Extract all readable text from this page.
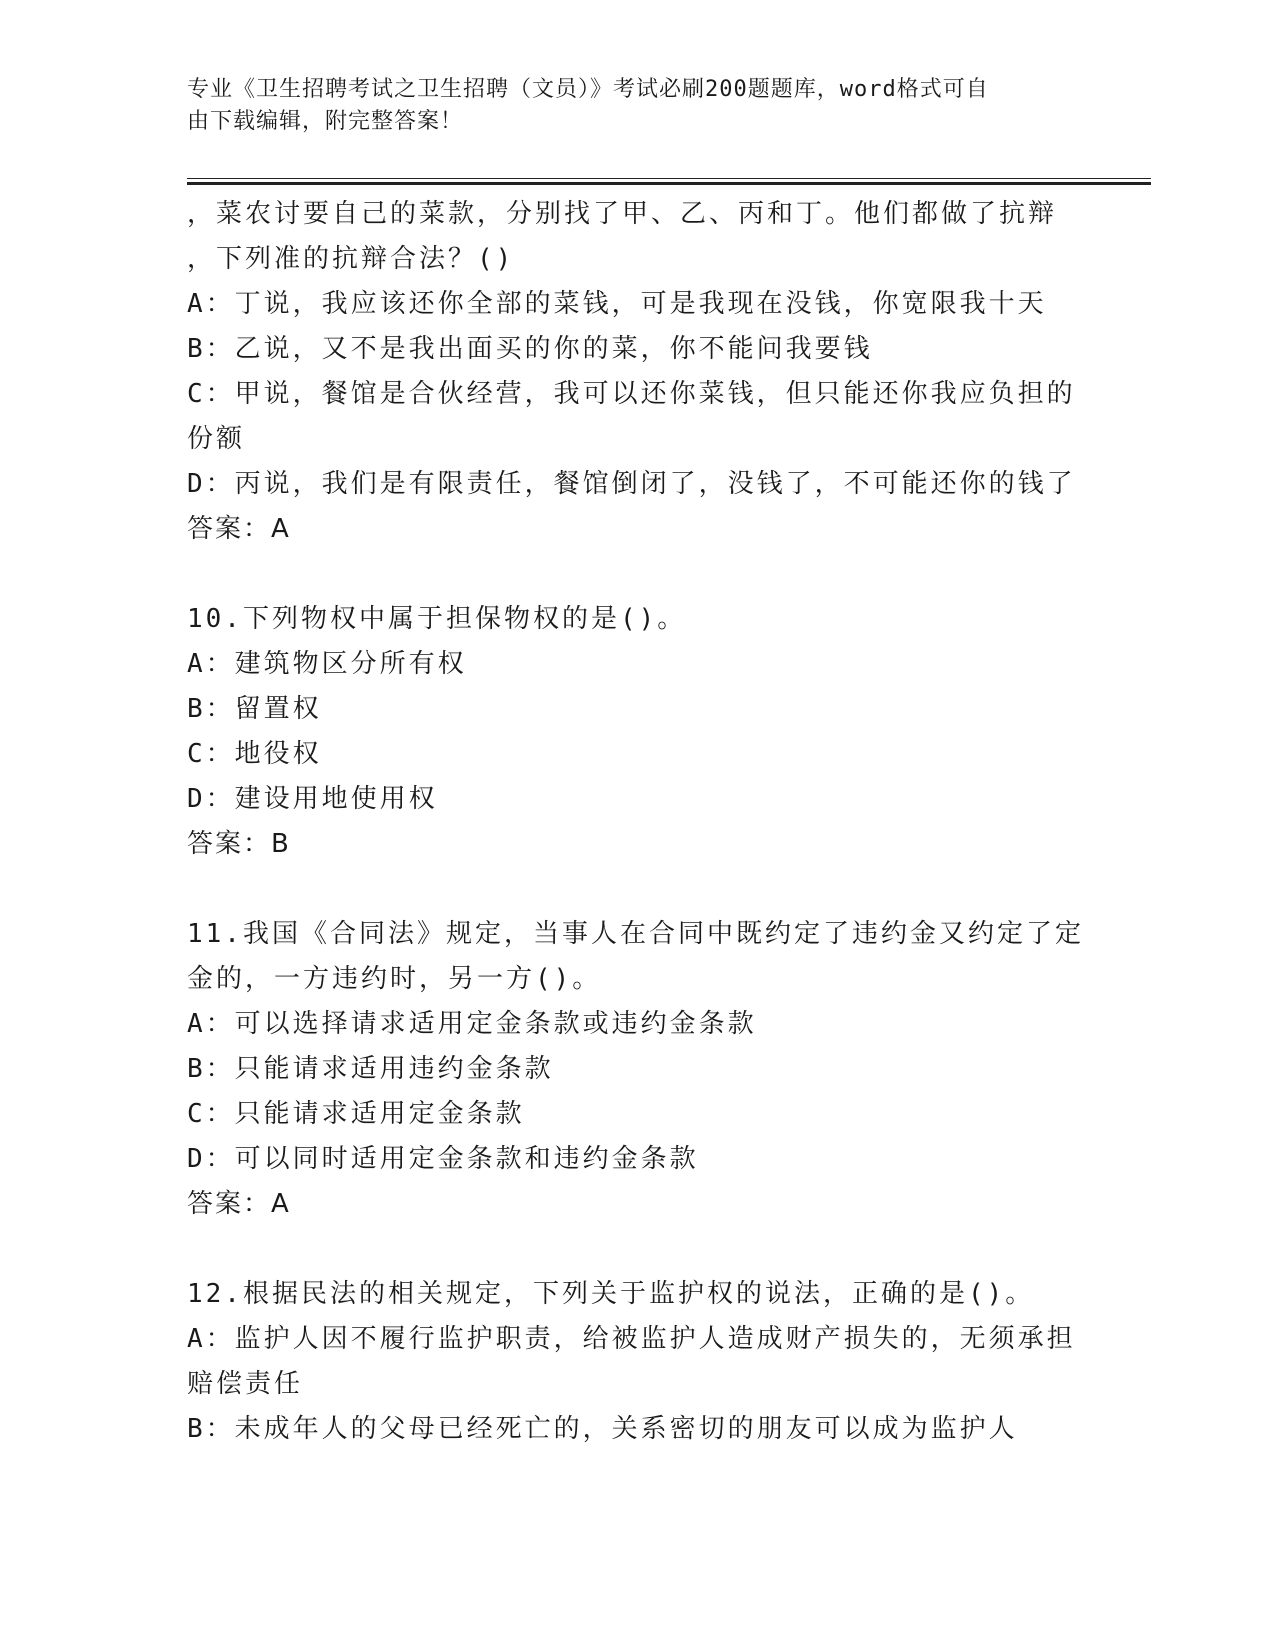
专业《卫生招聘考试之卫生招聘（文员）》考试必刷200题题库，word格式可自
由下载编辑，附完整答案！
，菜农讨要自己的菜款，分别找了甲、乙、丙和丁。他们都做了抗辩
，下列准的抗辩合法？()
A：丁说，我应该还你全部的菜钱，可是我现在没钱，你宽限我十天
B：乙说，又不是我出面买的你的菜，你不能问我要钱
C：甲说，餐馆是合伙经营，我可以还你菜钱，但只能还你我应负担的
份额
D：丙说，我们是有限责任，餐馆倒闭了，没钱了，不可能还你的钱了
答案：A
10.下列物权中属于担保物权的是()。
A：建筑物区分所有权
B：留置权
C：地役权
D：建设用地使用权
答案：B
11.我国《合同法》规定，当事人在合同中既约定了违约金又约定了定
金的，一方违约时，另一方()。
A：可以选择请求适用定金条款或违约金条款
B：只能请求适用违约金条款
C：只能请求适用定金条款
D：可以同时适用定金条款和违约金条款
答案：A
12.根据民法的相关规定，下列关于监护权的说法，正确的是()。
A：监护人因不履行监护职责，给被监护人造成财产损失的，无须承担
赔偿责任
B：未成年人的父母已经死亡的，关系密切的朋友可以成为监护人
